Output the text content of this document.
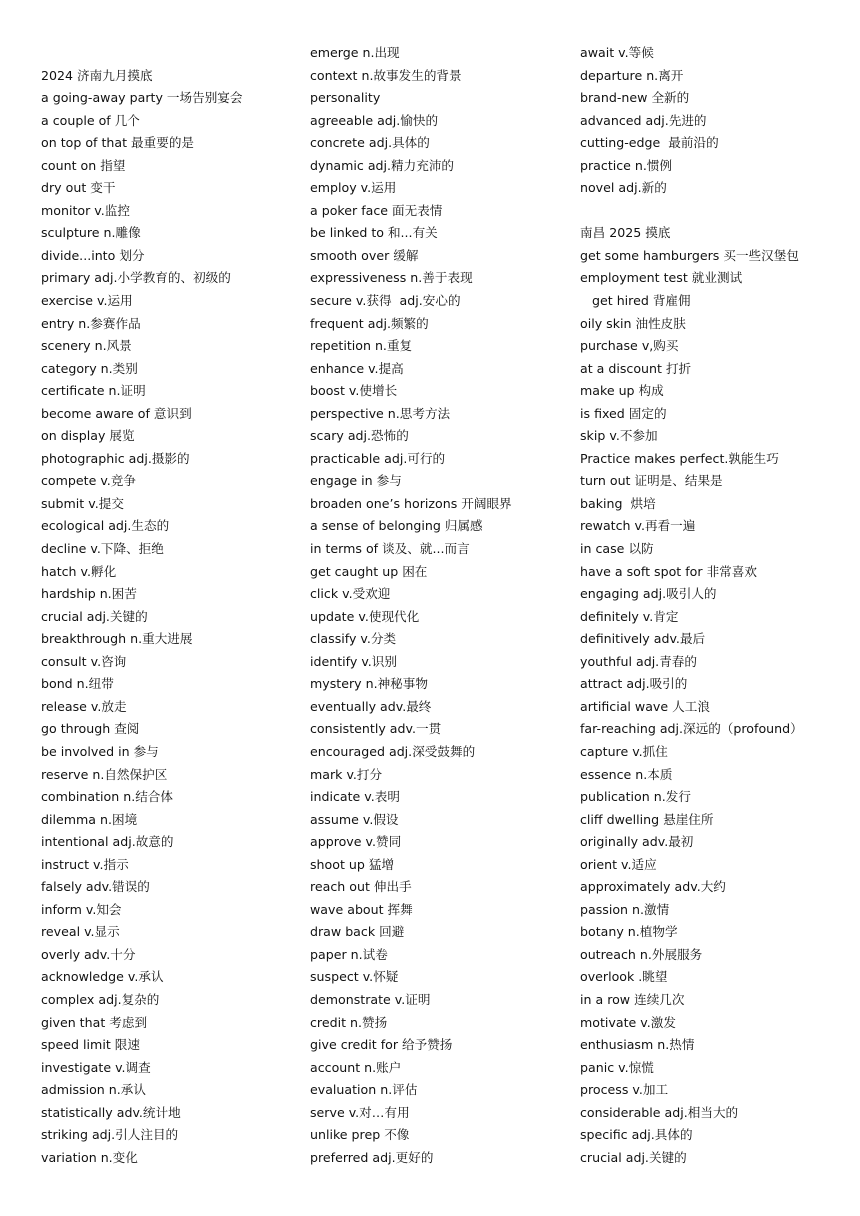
2024 济南九月摸底
a going-away party 一场告别宴会
a couple of 几个
on top of that 最重要的是
count on 指望
dry out 变干
monitor v.监控
sculpture n.雕像
divide...into 划分
primary adj.小学教育的、初级的
exercise v.运用
entry n.参赛作品
scenery n.风景
category n.类别
certificate n.证明
become aware of 意识到
on display 展览
photographic adj.摄影的
compete v.竞争
submit v.提交
ecological adj.生态的
decline v.下降、拒绝
hatch v.孵化
hardship n.困苦
crucial adj.关键的
breakthrough n.重大进展
consult v.咨询
bond n.纽带
release v.放走
go through 查阅
be involved in 参与
reserve n.自然保护区
combination n.结合体
dilemma n.困境
intentional adj.故意的
instruct v.指示
falsely adv.错误的
inform v.知会
reveal v.显示
overly adv.十分
acknowledge v.承认
complex adj.复杂的
given that 考虑到
speed limit 限速
investigate v.调查
admission n.承认
statistically adv.统计地
striking adj.引人注目的
variation n.变化
emerge n.出现
context n.故事发生的背景
personality
agreeable adj.愉快的
concrete adj.具体的
dynamic adj.精力充沛的
employ v.运用
a poker face 面无表情
be linked to 和...有关
smooth over 缓解
expressiveness n.善于表现
secure v.获得  adj.安心的
frequent adj.频繁的
repetition n.重复
enhance v.提高
boost v.使增长
perspective n.思考方法
scary adj.恐怖的
practicable adj.可行的
engage in 参与
broaden one’s horizons 开阔眼界
a sense of belonging 归属感
in terms of 谈及、就...而言
get caught up 困在
click v.受欢迎
update v.使现代化
classify v.分类
identify v.识别
mystery n.神秘事物
eventually adv.最终
consistently adv.一贯
encouraged adj.深受鼓舞的
mark v.打分
indicate v.表明
assume v.假设
approve v.赞同
shoot up 猛增
reach out 伸出手
wave about 挥舞
draw back 回避
paper n.试卷
suspect v.怀疑
demonstrate v.证明
credit n.赞扬
give credit for 给予赞扬
account n.账户
evaluation n.评估
serve v.对…有用
unlike prep 不像
preferred adj.更好的
await v.等候
departure n.离开
brand-new 全新的
advanced adj.先进的
cutting-edge  最前沿的
practice n.惯例
novel adj.新的
南昌 2025 摸底
get some hamburgers 买一些汉堡包
employment test 就业测试
get hired 背雇佣
oily skin 油性皮肤
purchase v,购买
at a discount 打折
make up 构成
is fixed 固定的
skip v.不参加
Practice makes perfect.孰能生巧
turn out 证明是、结果是
baking  烘培
rewatch v.再看一遍
in case 以防
have a soft spot for 非常喜欢
engaging adj.吸引人的
definitely v.肯定
definitively adv.最后
youthful adj.青春的
attract adj.吸引的
artificial wave 人工浪
far-reaching adj.深远的（profound）
capture v.抓住
essence n.本质
publication n.发行
cliff dwelling 悬崖住所
originally adv.最初
orient v.适应
approximately adv.大约
passion n.激情
botany n.植物学
outreach n.外展服务
overlook .眺望
in a row 连续几次
motivate v.激发
enthusiasm n.热情
panic v.惊慌
process v.加工
considerable adj.相当大的
specific adj.具体的
crucial adj.关键的
